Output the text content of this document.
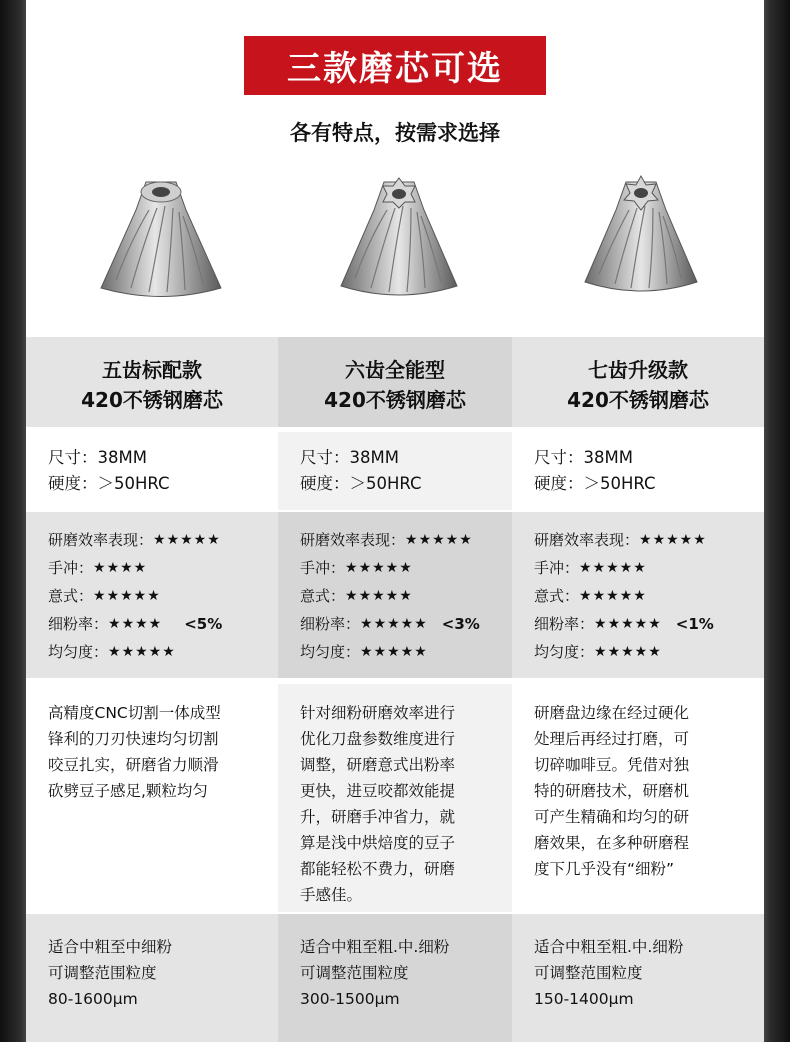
三款磨芯可选
各有特点，按需求选择
五齿标配款
420不锈钢磨芯
六齿全能型
420不锈钢磨芯
七齿升级款
420不锈钢磨芯
尺寸：38MM
硬度：＞50HRC
尺寸：38MM
硬度：＞50HRC
尺寸：38MM
硬度：＞50HRC
研磨效率表现： ★★★★★
手冲： ★★★★
意式： ★★★★★
细粉率： ★★★★ <5%
均匀度： ★★★★★
研磨效率表现： ★★★★★
手冲： ★★★★★
意式： ★★★★★
细粉率： ★★★★★ <3%
均匀度： ★★★★★
研磨效率表现： ★★★★★
手冲： ★★★★★
意式： ★★★★★
细粉率： ★★★★★ <1%
均匀度： ★★★★★
高精度CNC切割一体成型
锋利的刀刃快速均匀切割
咬豆扎实，研磨省力顺滑
砍劈豆子感足,颗粒均匀
针对细粉研磨效率进行
优化刀盘参数维度进行
调整，研磨意式出粉率
更快，进豆咬都效能提
升，研磨手冲省力，就
算是浅中烘焙度的豆子
都能轻松不费力，研磨
手感佳。
研磨盘边缘在经过硬化
处理后再经过打磨，可
切碎咖啡豆。凭借对独
特的研磨技术，研磨机
可产生精确和均匀的研
磨效果，在多种研磨程
度下几乎没有“细粉”
适合中粗至中细粉
可调整范围粒度
80-1600μm
适合中粗至粗.中.细粉
可调整范围粒度
300-1500μm
适合中粗至粗.中.细粉
可调整范围粒度
150-1400μm
